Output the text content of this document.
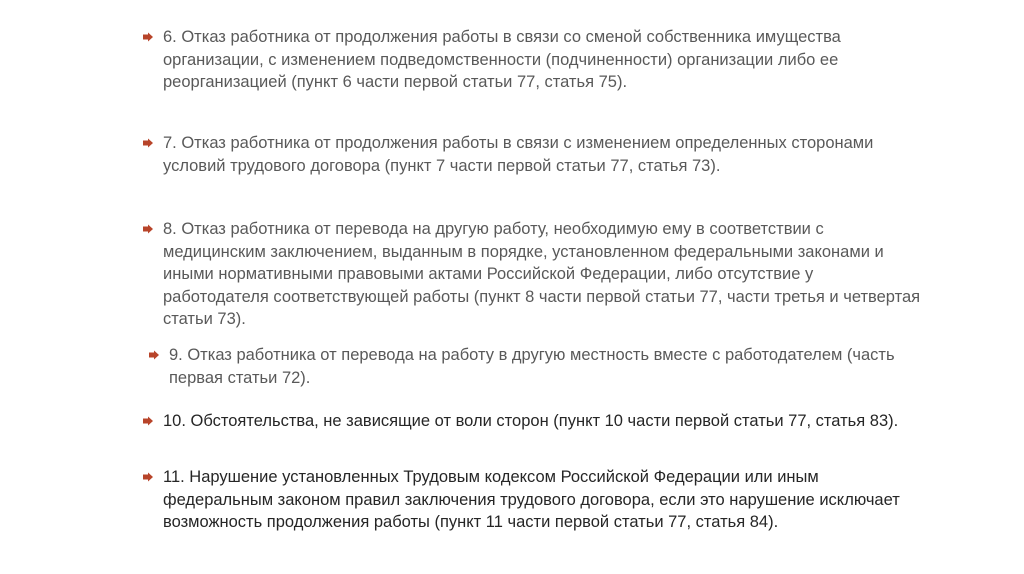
6. Отказ работника от продолжения работы в связи со сменой собственника имущества
организации, с изменением подведомственности (подчиненности) организации либо ее
реорганизацией (пункт 6 части первой статьи 77, статья 75).
7. Отказ работника от продолжения работы в связи с изменением определенных сторонами
условий трудового договора (пункт 7 части первой статьи 77, статья 73).
8. Отказ работника от перевода на другую работу, необходимую ему в соответствии с
медицинским заключением, выданным в порядке, установленном федеральными законами и
иными нормативными правовыми актами Российской Федерации, либо отсутствие у
работодателя соответствующей работы (пункт 8 части первой статьи 77, части третья и четвертая
статьи 73).
9. Отказ работника от перевода на работу в другую местность вместе с работодателем (часть
первая статьи 72).
10. Обстоятельства, не зависящие от воли сторон (пункт 10 части первой статьи 77, статья 83).
11. Нарушение установленных Трудовым кодексом Российской Федерации или иным
федеральным законом правил заключения трудового договора, если это нарушение исключает
возможность продолжения работы (пункт 11 части первой статьи 77, статья 84).
